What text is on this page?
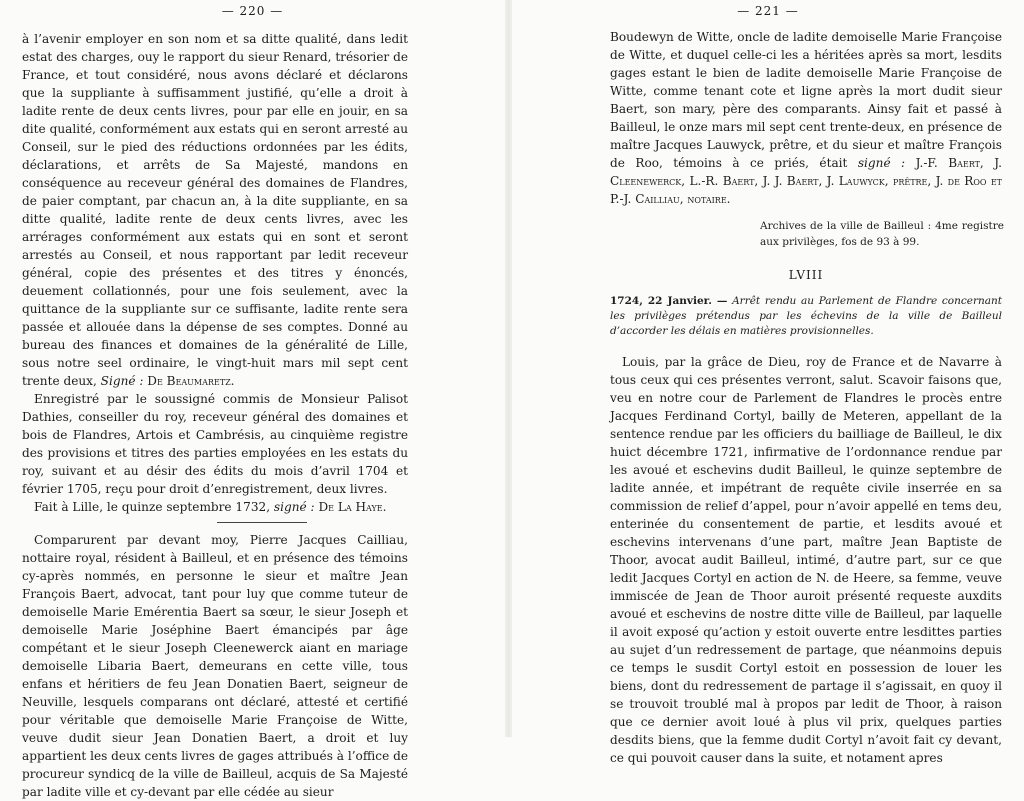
— 220 —

à l’avenir employer en son nom et sa ditte qualité, dans ledit estat des charges, ouy le rapport du sieur Renard, trésorier de France, et tout considéré, nous avons déclaré et déclarons que la suppliante à suffisamment justifié, qu’elle a droit à ladite rente de deux cents livres, pour par elle en jouir, en sa dite qualité, conformément aux estats qui en seront arresté au Conseil, sur le pied des réductions ordonnées par les édits, déclarations, et arrêts de Sa Majesté, mandons en conséquence au receveur général des domaines de Flandres, de paier comptant, par chacun an, à la dite suppliante, en sa ditte qualité, ladite rente de deux cents livres, avec les arrérages conformément aux estats qui en sont et seront arrestés au Conseil, et nous rapportant par ledit receveur général, copie des présentes et des titres y énoncés, deuement collationnés, pour une fois seulement, avec la quittance de la suppliante sur ce suffisante, ladite rente sera passée et allouée dans la dépense de ses comptes. Donné au bureau des finances et domaines de la généralité de Lille, sous notre seel ordinaire, le vingt-huit mars mil sept cent trente deux, Signé : De Beaumaretz.

Enregistré par le soussigné commis de Monsieur Palisot Dathies, conseiller du roy, receveur général des domaines et bois de Flandres, Artois et Cambrésis, au cinquième registre des provisions et titres des parties employées en les estats du roy, suivant et au désir des édits du mois d’avril 1704 et février 1705, reçu pour droit d’enregistrement, deux livres.

Fait à Lille, le quinze septembre 1732, signé : De La Haye.

Comparurent par devant moy, Pierre Jacques Cailliau, nottaire royal, résident à Bailleul, et en présence des témoins cy-après nommés, en personne le sieur et maître Jean François Baert, advocat, tant pour luy que comme tuteur de demoiselle Marie Emérentia Baert sa sœur, le sieur Joseph et demoiselle Marie Joséphine Baert émancipés par âge compétant et le sieur Joseph Cleenewerck aiant en mariage demoiselle Libaria Baert, demeurans en cette ville, tous enfans et héritiers de feu Jean Donatien Baert, seigneur de Neuville, lesquels comparans ont déclaré, attesté et certifié pour véritable que demoiselle Marie Françoise de Witte, veuve dudit sieur Jean Donatien Baert, a droit et luy appartient les deux cents livres de gages attribués à l’office de procureur syndicq de la ville de Bailleul, acquis de Sa Majesté par ladite ville et cy-devant par elle cédée au sieur

— 221 —

Boudewyn de Witte, oncle de ladite demoiselle Marie Françoise de Witte, et duquel celle-ci les a héritées après sa mort, lesdits gages estant le bien de ladite demoiselle Marie Françoise de Witte, comme tenant cote et ligne après la mort dudit sieur Baert, son mary, père des comparants. Ainsy fait et passé à Bailleul, le onze mars mil sept cent trente-deux, en présence de maître Jacques Lauwyck, prêtre, et du sieur et maître François de Roo, témoins à ce priés, était signé : J.-F. Baert, J. Cleenewerck, L.-R. Baert, J. J. Baert, J. Lauwyck, prêtre, J. de Roo et P.-J. Cailliau, notaire.

Archives de la ville de Bailleul : 4me registre aux privilèges, fos de 93 à 99.
LVIII
1724, 22 Janvier. — Arrêt rendu au Parlement de Flandre concernant les privilèges prétendus par les échevins de la ville de Bailleul d’accorder les délais en matières provisionnelles.

Louis, par la grâce de Dieu, roy de France et de Navarre à tous ceux qui ces présentes verront, salut. Scavoir faisons que, veu en notre cour de Parlement de Flandres le procès entre Jacques Ferdinand Cortyl, bailly de Meteren, appellant de la sentence rendue par les officiers du bailliage de Bailleul, le dix huict décembre 1721, infirmative de l’ordonnance rendue par les avoué et eschevins dudit Bailleul, le quinze septembre de ladite année, et impétrant de requête civile inserrée en sa commission de relief d’appel, pour n’avoir appellé en tems deu, enterinée du consentement de partie, et lesdits avoué et eschevins intervenans d’une part, maître Jean Baptiste de Thoor, avocat audit Bailleul, intimé, d’autre part, sur ce que ledit Jacques Cortyl en action de N. de Heere, sa femme, veuve immiscée de Jean de Thoor auroit présenté requeste auxdits avoué et eschevins de nostre ditte ville de Bailleul, par laquelle il avoit exposé qu’action y estoit ouverte entre lesdittes parties au sujet d’un redressement de partage, que néanmoins depuis ce temps le susdit Cortyl estoit en possession de louer les biens, dont du redressement de partage il s’agissait, en quoy il se trouvoit troublé mal à propos par ledit de Thoor, à raison que ce dernier avoit loué à plus vil prix, quelques parties desdits biens, que la femme dudit Cortyl n’avoit fait cy devant, ce qui pouvoit causer dans la suite, et notament apres
